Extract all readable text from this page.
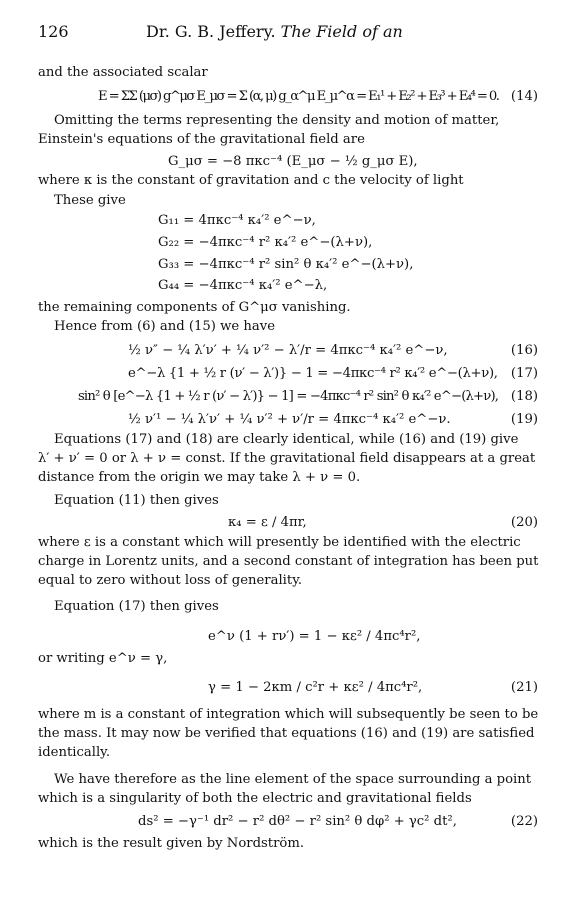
126	Dr. G. B. Jeffery. The Field of an
and the associated scalar
E = ΣΣ (μσ) g^μσ E_μσ = Σ (α, μ) g_α^μ E_μ^α = E₁¹ + E₂² + E₃³ + E₄⁴ = 0. (14)
Omitting the terms representing the density and motion of matter,
Einstein's equations of the gravitational field are
G_μσ = −8 πκc⁻⁴ (E_μσ − ½ g_μσ E),
where κ is the constant of gravitation and c the velocity of light
These give
G₁₁ = 4πκc⁻⁴ κ₄′² e^−ν,
G₂₂ = −4πκc⁻⁴ r² κ₄′² e^−(λ+ν),
G₃₃ = −4πκc⁻⁴ r² sin² θ κ₄′² e^−(λ+ν),
G₄₄ = −4πκc⁻⁴ κ₄′² e^−λ,
the remaining components of G^μσ vanishing.
Hence from (6) and (15) we have
½ ν″ − ¼ λ′ν′ + ¼ ν′² − λ′/r = 4πκc⁻⁴ κ₄′² e^−ν,	(16)
e^−λ {1 + ½ r (ν′ − λ′)} − 1 = −4πκc⁻⁴ r² κ₄′² e^−(λ+ν), (17)
sin² θ [e^−λ {1 + ½ r (ν′ − λ′)} − 1] = −4πκc⁻⁴ r² sin² θ κ₄′² e^−(λ+ν), (18)
½ ν′¹ − ¼ λ′ν′ + ¼ ν′² + ν′/r = 4πκc⁻⁴ κ₄′² e^−ν.	(19)
Equations (17) and (18) are clearly identical, while (16) and (19) give
λ′ + ν′ = 0 or λ + ν = const. If the gravitational field disappears at a great
distance from the origin we may take λ + ν = 0.
Equation (11) then gives
κ₄ = ε / 4πr,	(20)
where ε is a constant which will presently be identified with the electric
charge in Lorentz units, and a second constant of integration has been put
equal to zero without loss of generality.
Equation (17) then gives
e^ν (1 + rν′) = 1 − κε² / 4πc⁴r²,
or writing e^ν = γ,
γ = 1 − 2κm / c²r + κε² / 4πc⁴r²,	(21)
where m is a constant of integration which will subsequently be seen to be
the mass. It may now be verified that equations (16) and (19) are satisfied
identically.
We have therefore as the line element of the space surrounding a point
which is a singularity of both the electric and gravitational fields
ds² = −γ⁻¹ dr² − r² dθ² − r² sin² θ dφ² + γc² dt²,	(22)
which is the result given by Nordström.
